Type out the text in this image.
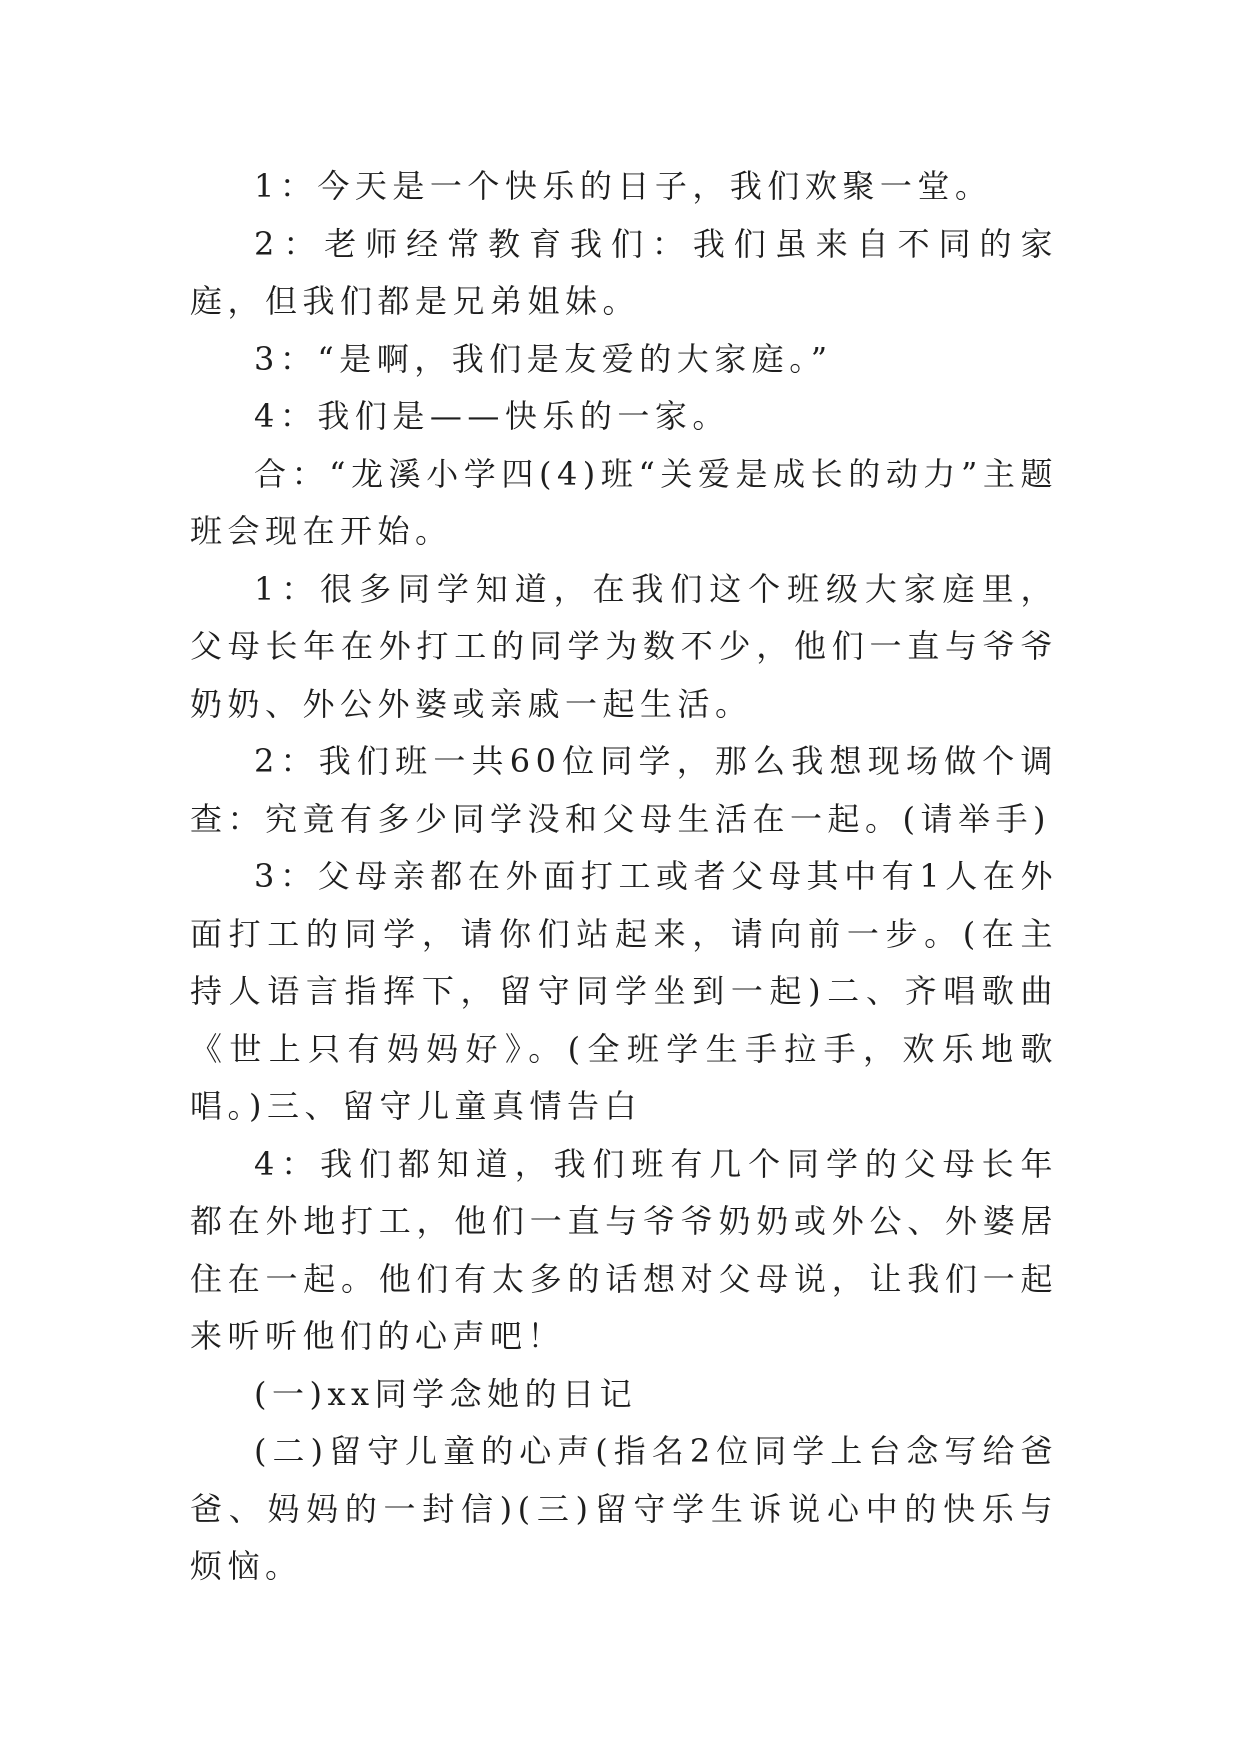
1：今天是一个快乐的日子，我们欢聚一堂。

2：老师经常教育我们：我们虽来自不同的家庭，但我们都是兄弟姐妹。

3：“是啊，我们是友爱的大家庭。”

4：我们是——快乐的一家。

合：“龙溪小学四(4)班“关爱是成长的动力”主题班会现在开始。

1：很多同学知道，在我们这个班级大家庭里，父母长年在外打工的同学为数不少，他们一直与爷爷奶奶、外公外婆或亲戚一起生活。

2：我们班一共60位同学，那么我想现场做个调查：究竟有多少同学没和父母生活在一起。(请举手)

3：父母亲都在外面打工或者父母其中有1人在外面打工的同学，请你们站起来，请向前一步。(在主持人语言指挥下，留守同学坐到一起)二、齐唱歌曲《世上只有妈妈好》。(全班学生手拉手，欢乐地歌唱。)三、留守儿童真情告白

4：我们都知道，我们班有几个同学的父母长年都在外地打工，他们一直与爷爷奶奶或外公、外婆居住在一起。他们有太多的话想对父母说，让我们一起来听听他们的心声吧！

(一)xx同学念她的日记

(二)留守儿童的心声(指名2位同学上台念写给爸爸、妈妈的一封信)(三)留守学生诉说心中的快乐与烦恼。
